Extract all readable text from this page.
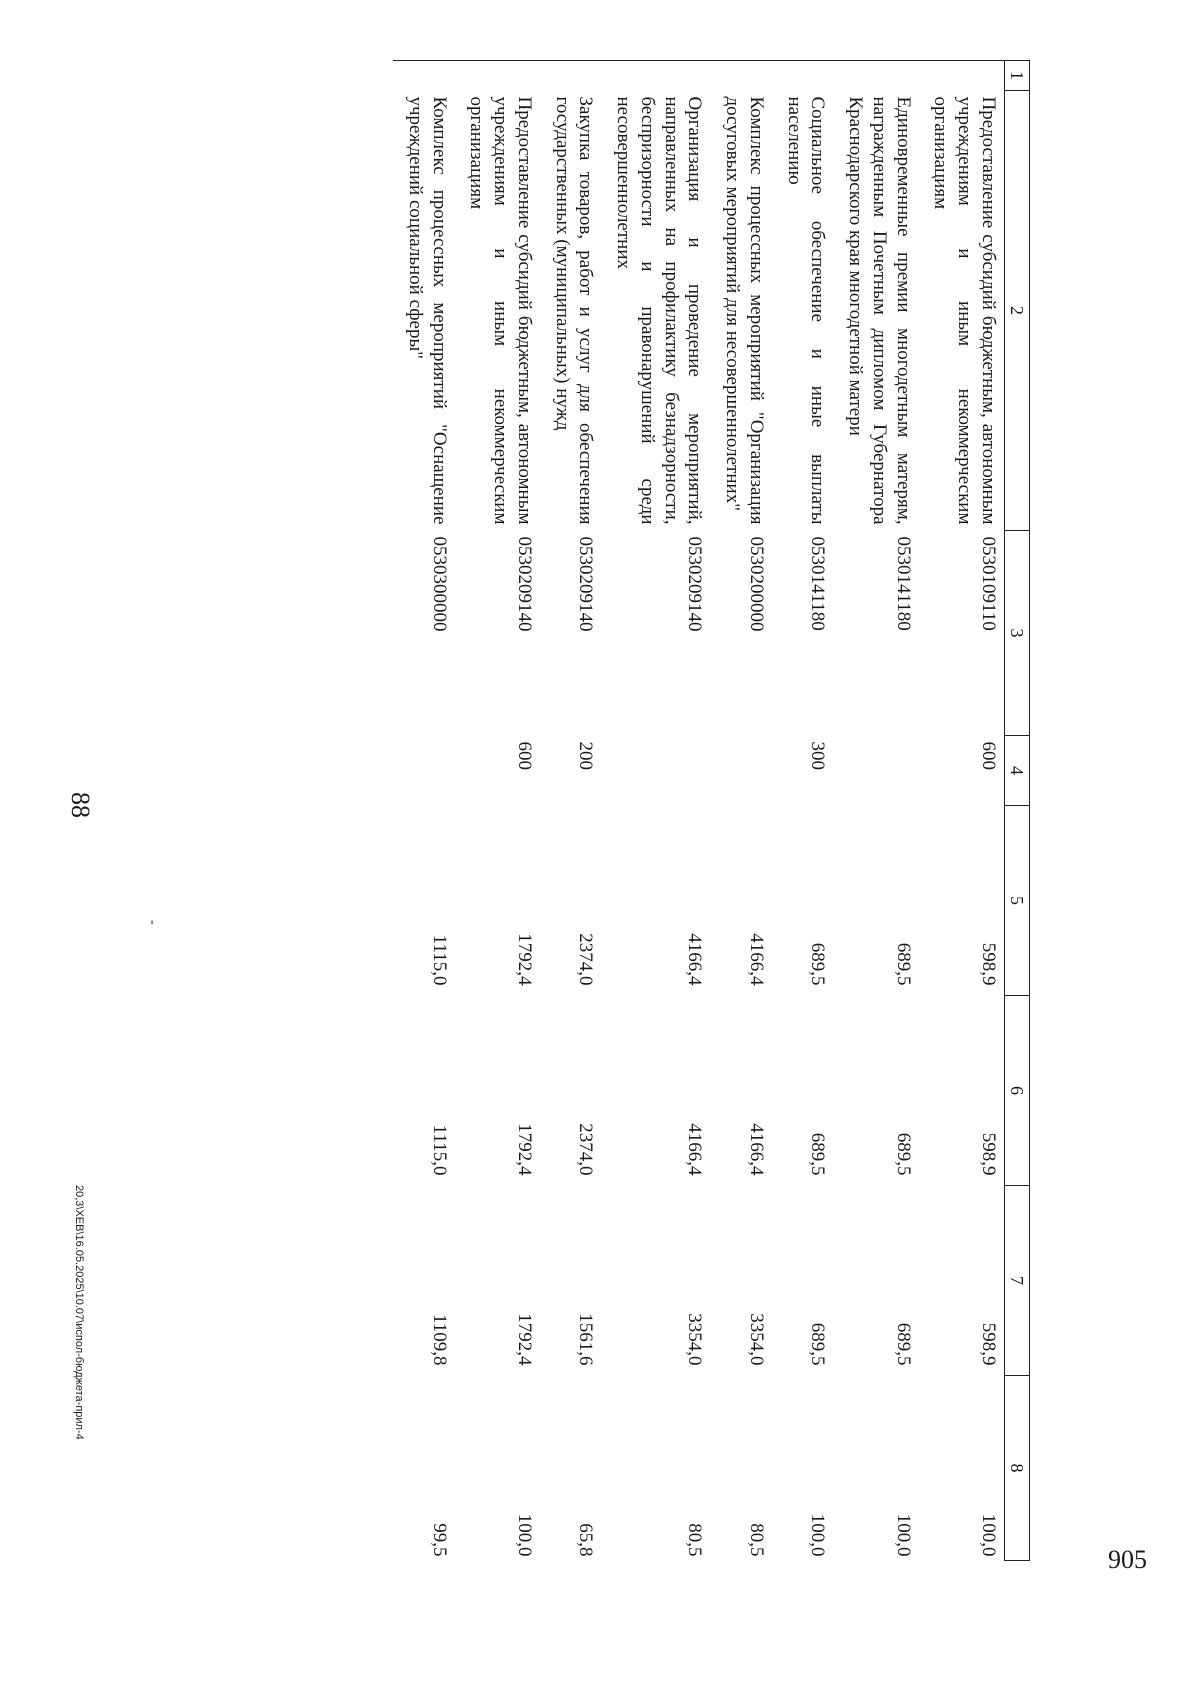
88
1	2	3	4	5	6	7	8
	Предоставление субсидий бюджетным, автономным учреждениям и иным некоммерческим организациям	0530109110	600	598,9	598,9	598,9	100,0
	Единовременные премии многодетным матерям, награжденным Почетным дипломом Губернатора Краснодарского края многодетной матери	0530141180		689,5	689,5	689,5	100,0
	Социальное обеспечение и иные выплаты населению	0530141180	300	689,5	689,5	689,5	100,0
	Комплекс процессных мероприятий "Организация досуговых мероприятий для несовершеннолетних"	0530200000		4166,4	4166,4	3354,0	80,5
	Организация и проведение мероприятий, направленных на профилактику безнадзорности, беспризорности и правонарушений среди несовершеннолетних	0530209140		4166,4	4166,4	3354,0	80,5
	Закупка товаров, работ и услуг для обеспечения государственных (муниципальных) нужд	0530209140	200	2374,0	2374,0	1561,6	65,8
	Предоставление субсидий бюджетным, автономным учреждениям и иным некоммерческим организациям	0530209140	600	1792,4	1792,4	1792,4	100,0
	Комплекс процессных мероприятий "Оснащение учреждений социальной сферы"	0530300000		1115,0	1115,0	1109,8	99,5
-
20,3\XEB\16.05.2025\10.07\испол-бюджета-прил-4
905
